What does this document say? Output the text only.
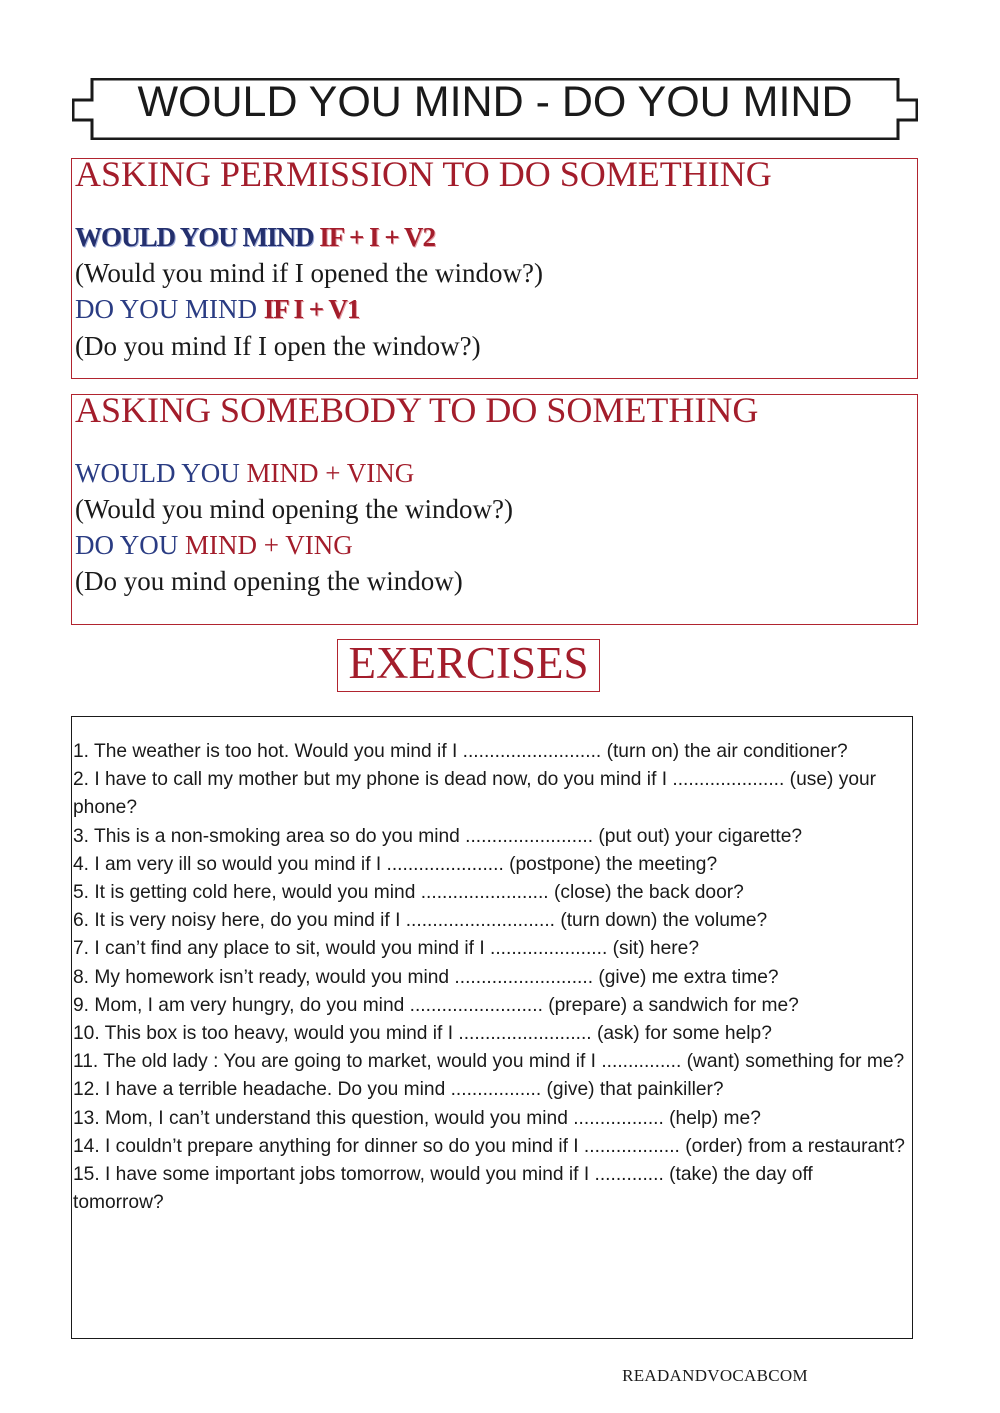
WOULD YOU MIND - DO YOU MIND
ASKING PERMISSION TO DO SOMETHING
WOULD YOU MIND IF + I + V2
(Would you mind if I opened the window?)
DO YOU MIND IF I + V1
(Do you mind If I open the window?)
ASKING SOMEBODY TO DO SOMETHING
WOULD YOU MIND + VING
(Would you mind opening the window?)
DO YOU MIND + VING
(Do you mind opening the window)
EXERCISES

1. The weather is too hot. Would you mind if I .......................... (turn on) the air conditioner?

2. I have to call my mother but my phone is dead now, do you mind if I ..................... (use) your phone?

3. This is a non-smoking area so do you mind ........................ (put out) your cigarette?

4. I am very ill so would you mind if I ...................... (postpone) the meeting?

5. It is getting cold here, would you mind ........................ (close) the back door?

6. It is very noisy here, do you mind if I ............................ (turn down) the volume?

7. I can’t find any place to sit, would you mind if I ...................... (sit) here?

8. My homework isn’t ready, would you mind .......................... (give) me extra time?

9. Mom, I am very hungry, do you mind ......................... (prepare) a sandwich for me?

10. This box is too heavy, would you mind if I ......................... (ask) for some help?

11. The old lady : You are going to market, would you mind if I ............... (want) something for me?

12. I have a terrible headache. Do you mind ................. (give) that painkiller?

13. Mom, I can’t understand this question, would you mind ................. (help) me?

14. I couldn’t prepare anything for dinner so do you mind if I .................. (order) from a restaurant?

15. I have some important jobs tomorrow, would you mind if I ............. (take) the day off tomorrow?

READANDVOCABCOM
